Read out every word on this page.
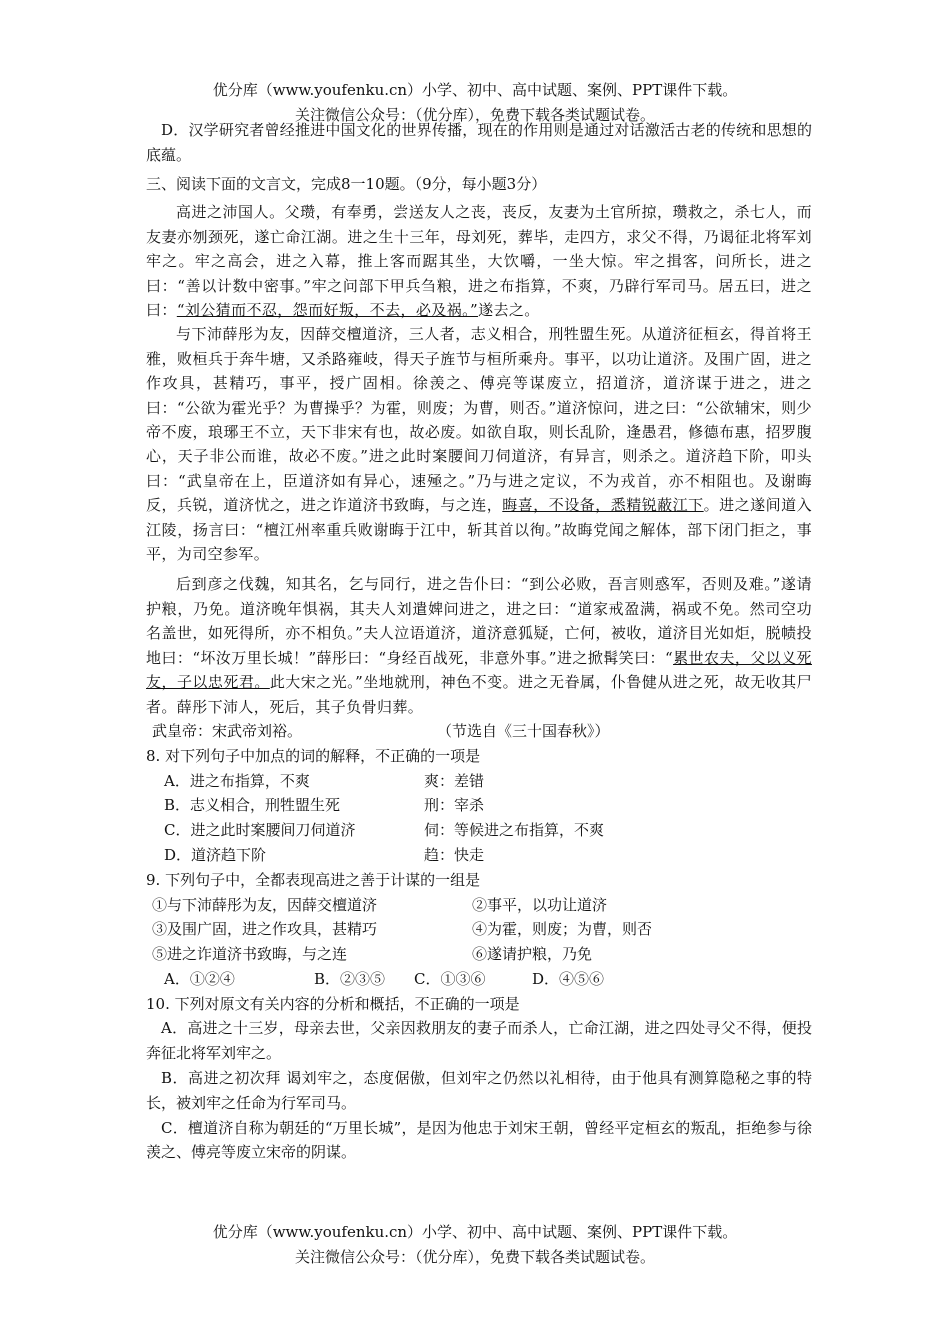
优分库（www.youfenku.cn）小学、初中、高中试题、案例、PPT课件下载。
关注微信公众号：（优分库），免费下载各类试题试卷。
D．汉学研究者曾经推进中国文化的世界传播，现在的作用则是通过对话激活古老的传统和思想的底蕴。
三、阅读下面的文言文，完成8一10题。（9分，每小题3分）
高进之沛国人。父瓒，有奉勇，尝送友人之丧，丧反，友妻为土官所掠，瓒救之，杀七人，而友妻亦刎颈死，遂亡命江湖。进之生十三年，母刘死，葬毕，走四方，求父不得，乃谒征北将军刘牢之。牢之高会，进之入幕，推上客而踞其坐，大饮嚼，一坐大惊。牢之揖客，问所长，进之曰：“善以计数中密事。”牢之问部下甲兵刍粮，进之布指算，不爽，乃辟行军司马。居五曰，进之曰：“刘公猜而不忍，怨而好叛，不去，必及祸。”遂去之。
与下沛薛彤为友，因薛交檀道济，三人者，志义相合，刑牲盟生死。从道济征桓玄，得首将王雅，败桓兵于奔牛塘，又杀路雍岐，得天子旌节与桓所乘舟。事平，以功让道济。及围广固，进之作攻具，甚精巧，事平，授广固相。徐羡之、傅亮等谋废立，招道济，道济谋于进之，进之曰：“公欲为霍光乎？为曹操乎？为霍，则废；为曹，则否。”道济惊问，进之曰：“公欲辅宋，则少帝不废，琅琊王不立，天下非宋有也，故必废。如欲自取，则长乱阶，逢愚君，修德布惠，招罗腹心，天子非公而谁，故必不废。”进之此时案腰间刀伺道济，有异言，则杀之。道济趋下阶，叩头曰：“武皇帝在上，臣道济如有异心，速殛之。”乃与进之定议，不为戎首，亦不相阻也。及谢晦反，兵锐，道济忧之，进之诈道济书致晦，与之连，晦喜，不设备，悉精锐蔽江下。进之遂间道入江陵，扬言曰：“檀江州率重兵败谢晦于江中，斩其首以徇。”故晦党闻之解体，部下闭门拒之，事平，为司空参军。
后到彦之伐魏，知其名，乞与同行，进之告仆曰：“到公必败，吾言则惑军，否则及难。”遂请护粮，乃免。道济晚年惧祸，其夫人刘遣婢问进之，进之曰：“道家戒盈满，祸或不免。然司空功名盖世，如死得所，亦不相负。”夫人泣语道济，道济意狐疑，亡何，被收，道济目光如炬，脱帻投地曰：“坏汝万里长城！”薛彤曰：“身经百战死，非意外事。”进之掀髯笑曰：“累世农夫，父以义死友，子以忠死君。此大宋之光。”坐地就刑，神色不变。进之无眷属，仆鲁健从进之死，故无收其尸者。薛彤下沛人，死后，其子负骨归葬。
武皇帝：宋武帝刘裕。	（节选自《三十国春秋》）
8. 对下列句子中加点的词的解释，不正确的一项是
A．进之布指算，不爽	爽：差错
B．志义相合，刑牲盟生死	刑：宰杀
C．进之此时案腰间刀伺道济	伺：等候进之布指算，不爽
D．道济趋下阶	趋：快走
9. 下列句子中，全都表现高进之善于计谋的一组是
①与下沛薛彤为友，因薛交檀道济	②事平，以功让道济
③及围广固，进之作攻具，甚精巧	④为霍，则废；为曹，则否
⑤进之诈道济书致晦，与之连	⑥遂请护粮，乃免
A．①②④	B．②③⑤ C．①③⑥	D．④⑤⑥
10. 下列对原文有关内容的分析和概括，不正确的一项是
A．高进之十三岁，母亲去世，父亲因救朋友的妻子而杀人，亡命江湖，进之四处寻父不得，便投奔征北将军刘牢之。
B．高进之初次拜 谒刘牢之，态度倨傲，但刘牢之仍然以礼相待，由于他具有测算隐秘之事的特长，被刘牢之任命为行军司马。
C．檀道济自称为朝廷的“万里长城”，是因为他忠于刘宋王朝，曾经平定桓玄的叛乱，拒绝参与徐羡之、傅亮等废立宋帝的阴谋。
优分库（www.youfenku.cn）小学、初中、高中试题、案例、PPT课件下载。
关注微信公众号：（优分库），免费下载各类试题试卷。
